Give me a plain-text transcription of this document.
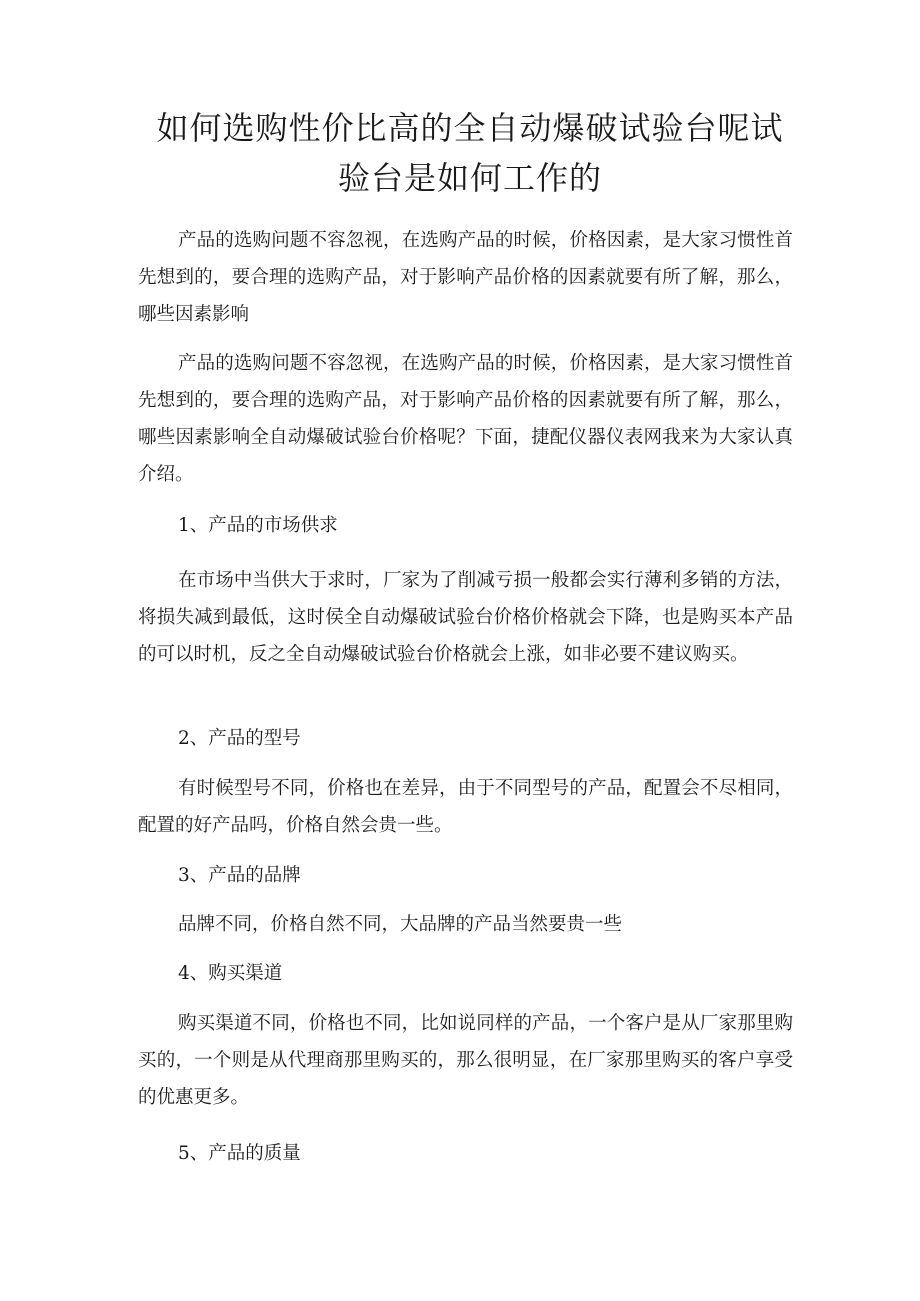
如何选购性价比高的全自动爆破试验台呢试
验台是如何工作的

产品的选购问题不容忽视，在选购产品的时候，价格因素，是大家习惯性首先想到的，要合理的选购产品，对于影响产品价格的因素就要有所了解，那么，哪些因素影响

产品的选购问题不容忽视，在选购产品的时候，价格因素，是大家习惯性首先想到的，要合理的选购产品，对于影响产品价格的因素就要有所了解，那么，哪些因素影响全自动爆破试验台价格呢？下面，捷配仪器仪表网我来为大家认真介绍。

1、产品的市场供求

在市场中当供大于求时，厂家为了削减亏损一般都会实行薄利多销的方法，将损失减到最低，这时侯全自动爆破试验台价格价格就会下降，也是购买本产品的可以时机，反之全自动爆破试验台价格就会上涨，如非必要不建议购买。

2、产品的型号

有时候型号不同，价格也在差异，由于不同型号的产品，配置会不尽相同，配置的好产品吗，价格自然会贵一些。

3、产品的品牌

品牌不同，价格自然不同，大品牌的产品当然要贵一些

4、购买渠道

购买渠道不同，价格也不同，比如说同样的产品，一个客户是从厂家那里购买的，一个则是从代理商那里购买的，那么很明显，在厂家那里购买的客户享受的优惠更多。

5、产品的质量
